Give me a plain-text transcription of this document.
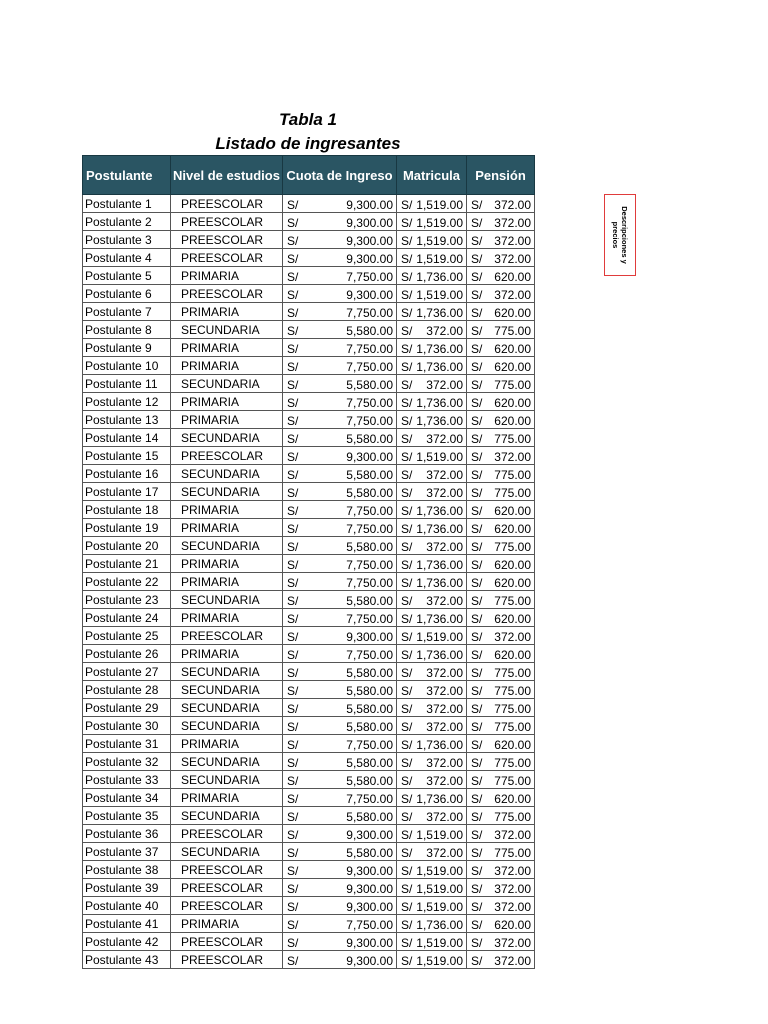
Tabla 1
Listado de ingresantes
Postulante	Nivel de estudios	Cuota de Ingreso	Matricula	Pensión
Postulante 1	PREESCOLAR	S/ 9,300.00	S/ 1,519.00	S/ 372.00

Postulante 2	PREESCOLAR	S/ 9,300.00	S/ 1,519.00	S/ 372.00

Postulante 3	PREESCOLAR	S/ 9,300.00	S/ 1,519.00	S/ 372.00

Postulante 4	PREESCOLAR	S/ 9,300.00	S/ 1,519.00	S/ 372.00

Postulante 5	PRIMARIA	S/ 7,750.00	S/ 1,736.00	S/ 620.00

Postulante 6	PREESCOLAR	S/ 9,300.00	S/ 1,519.00	S/ 372.00

Postulante 7	PRIMARIA	S/ 7,750.00	S/ 1,736.00	S/ 620.00

Postulante 8	SECUNDARIA	S/ 5,580.00	S/ 372.00	S/ 775.00

Postulante 9	PRIMARIA	S/ 7,750.00	S/ 1,736.00	S/ 620.00

Postulante 10	PRIMARIA	S/ 7,750.00	S/ 1,736.00	S/ 620.00

Postulante 11	SECUNDARIA	S/ 5,580.00	S/ 372.00	S/ 775.00

Postulante 12	PRIMARIA	S/ 7,750.00	S/ 1,736.00	S/ 620.00

Postulante 13	PRIMARIA	S/ 7,750.00	S/ 1,736.00	S/ 620.00

Postulante 14	SECUNDARIA	S/ 5,580.00	S/ 372.00	S/ 775.00

Postulante 15	PREESCOLAR	S/ 9,300.00	S/ 1,519.00	S/ 372.00

Postulante 16	SECUNDARIA	S/ 5,580.00	S/ 372.00	S/ 775.00

Postulante 17	SECUNDARIA	S/ 5,580.00	S/ 372.00	S/ 775.00

Postulante 18	PRIMARIA	S/ 7,750.00	S/ 1,736.00	S/ 620.00

Postulante 19	PRIMARIA	S/ 7,750.00	S/ 1,736.00	S/ 620.00

Postulante 20	SECUNDARIA	S/ 5,580.00	S/ 372.00	S/ 775.00

Postulante 21	PRIMARIA	S/ 7,750.00	S/ 1,736.00	S/ 620.00

Postulante 22	PRIMARIA	S/ 7,750.00	S/ 1,736.00	S/ 620.00

Postulante 23	SECUNDARIA	S/ 5,580.00	S/ 372.00	S/ 775.00

Postulante 24	PRIMARIA	S/ 7,750.00	S/ 1,736.00	S/ 620.00

Postulante 25	PREESCOLAR	S/ 9,300.00	S/ 1,519.00	S/ 372.00

Postulante 26	PRIMARIA	S/ 7,750.00	S/ 1,736.00	S/ 620.00

Postulante 27	SECUNDARIA	S/ 5,580.00	S/ 372.00	S/ 775.00

Postulante 28	SECUNDARIA	S/ 5,580.00	S/ 372.00	S/ 775.00

Postulante 29	SECUNDARIA	S/ 5,580.00	S/ 372.00	S/ 775.00

Postulante 30	SECUNDARIA	S/ 5,580.00	S/ 372.00	S/ 775.00

Postulante 31	PRIMARIA	S/ 7,750.00	S/ 1,736.00	S/ 620.00

Postulante 32	SECUNDARIA	S/ 5,580.00	S/ 372.00	S/ 775.00

Postulante 33	SECUNDARIA	S/ 5,580.00	S/ 372.00	S/ 775.00

Postulante 34	PRIMARIA	S/ 7,750.00	S/ 1,736.00	S/ 620.00

Postulante 35	SECUNDARIA	S/ 5,580.00	S/ 372.00	S/ 775.00

Postulante 36	PREESCOLAR	S/ 9,300.00	S/ 1,519.00	S/ 372.00

Postulante 37	SECUNDARIA	S/ 5,580.00	S/ 372.00	S/ 775.00

Postulante 38	PREESCOLAR	S/ 9,300.00	S/ 1,519.00	S/ 372.00

Postulante 39	PREESCOLAR	S/ 9,300.00	S/ 1,519.00	S/ 372.00

Postulante 40	PREESCOLAR	S/ 9,300.00	S/ 1,519.00	S/ 372.00

Postulante 41	PRIMARIA	S/ 7,750.00	S/ 1,736.00	S/ 620.00

Postulante 42	PREESCOLAR	S/ 9,300.00	S/ 1,519.00	S/ 372.00

Postulante 43	PREESCOLAR	S/ 9,300.00	S/ 1,519.00	S/ 372.00
Descripciones y precios
